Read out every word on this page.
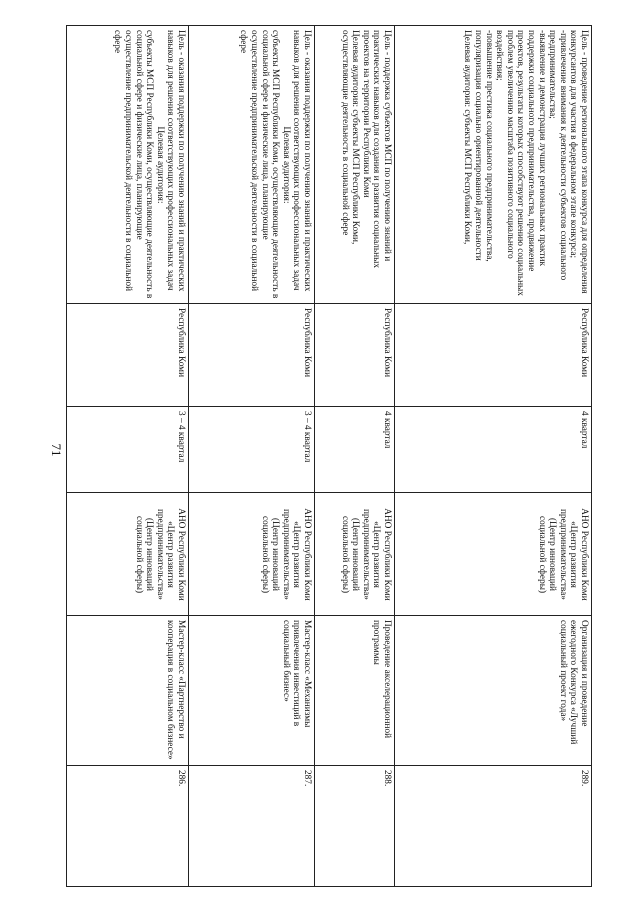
71

Цель - оказания поддержки по получению знаний и практических навыков для решения соответствующих профессиональных задач

Целевая аудитория:

субъекты МСП Республики Коми, осуществляющие деятельность в социальной сфере и физические лица, планирующие осуществление предпринимательской деятельности в социальной сфере

Республика Коми
3 – 4 квартал
АНО Республики Коми «Центр развития предпринимательства» (Центр инноваций социальной сферы)
Мастер-класс «Партнерство и кооперация в социальном бизнесе»
286.

Цель - оказания поддержки по получению знаний и практических навыков для решения соответствующих профессиональных задач

Целевая аудитория:

субъекты МСП Республики Коми, осуществляющие деятельность в социальной сфере и физические лица, планирующие осуществление предпринимательской деятельности в социальной сфере

Республика Коми
3 – 4 квартал
АНО Республики Коми «Центр развития предпринимательства» (Центр инноваций социальной сферы)
Мастер-класс «Механизмы привлечения инвестиций в социальный бизнес»
287.

Цель - поддержка субъектов МСП по получению знаний и практических навыков для создания и развития социальных проектов на территории Республики Коми

Целевая аудитория: субъекты МСП Республики Коми, осуществляющие деятельность в социальной сфере

Республика Коми
4 квартал
АНО Республики Коми «Центр развития предпринимательства» (Центр инноваций социальной сферы)
Проведение акселерационной программы
288.

Цель - проведение регионального этапа конкурса для определения конкурсантов для участия в федеральном этапе конкурса;

-привлечение внимания к деятельности субъектов социального предпринимательства;

-выявление и демонстрация лучших региональных практик поддержки социального предпринимательства, продвижение проектов, результаты которых способствуют решению социальных проблем увеличению масштаба позитивного социального воздействия;

-повышение престижа социального предпринимательства, популяризация социально ориентированной деятельности

Целевая аудитория: субъекты МСП Республики Коми,

Республика Коми
4 квартал
АНО Республики Коми «Центр развития предпринимательства» (Центр инноваций социальной сферы)
Организация и проведение ежегодного Конкурса «Лучший социальный проект года»
289.
